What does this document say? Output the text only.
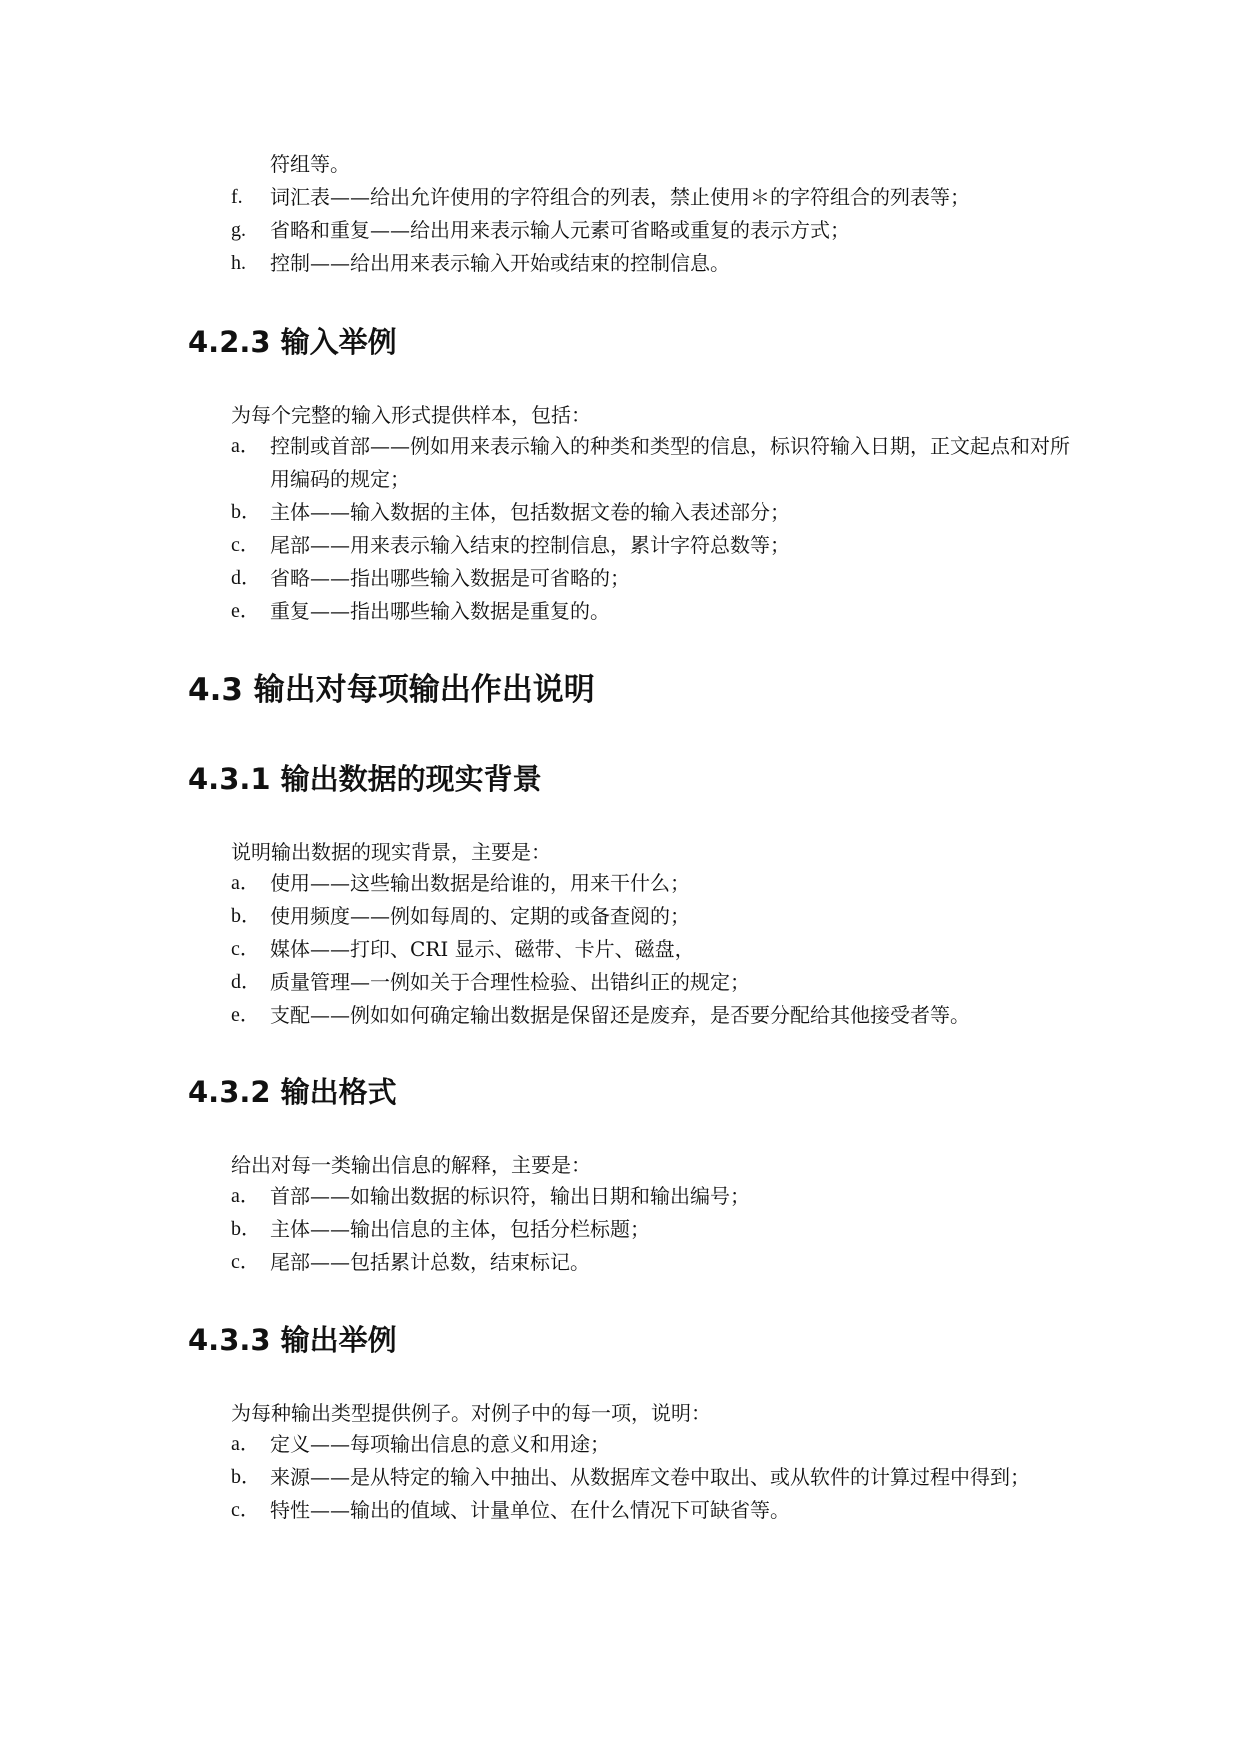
符组等。
f.	词汇表——给出允许使用的字符组合的列表，禁止使用＊的字符组合的列表等；
g.	省略和重复——给出用来表示输人元素可省略或重复的表示方式；
h.	控制——给出用来表示输入开始或结束的控制信息。
4.2.3 输入举例
为每个完整的输入形式提供样本，包括：
a． 控制或首部——例如用来表示输入的种类和类型的信息，标识符输入日期，正文起点和对所用编码的规定；
b． 主体——输入数据的主体，包括数据文卷的输入表述部分；
c． 尾部——用来表示输入结束的控制信息，累计字符总数等；
d． 省略——指出哪些输入数据是可省略的；
e． 重复——指出哪些输入数据是重复的。
4.3 输出对每项输出作出说明
4.3.1 输出数据的现实背景
说明输出数据的现实背景，主要是：
a． 使用——这些输出数据是给谁的，用来干什么；
b． 使用频度——例如每周的、定期的或备查阅的；
c． 媒体——打印、CRI 显示、磁带、卡片、磁盘，
d． 质量管理—一例如关于合理性检验、出错纠正的规定；
e． 支配——例如如何确定输出数据是保留还是废弃，是否要分配给其他接受者等。
4.3.2 输出格式
给出对每一类输出信息的解释，主要是：
a． 首部——如输出数据的标识符，输出日期和输出编号；
b． 主体——输出信息的主体，包括分栏标题；
c． 尾部——包括累计总数，结束标记。
4.3.3 输出举例
为每种输出类型提供例子。对例子中的每一项，说明：
a． 定义——每项输出信息的意义和用途；
b． 来源——是从特定的输入中抽出、从数据库文卷中取出、或从软件的计算过程中得到；
c． 特性——输出的值域、计量单位、在什么情况下可缺省等。
